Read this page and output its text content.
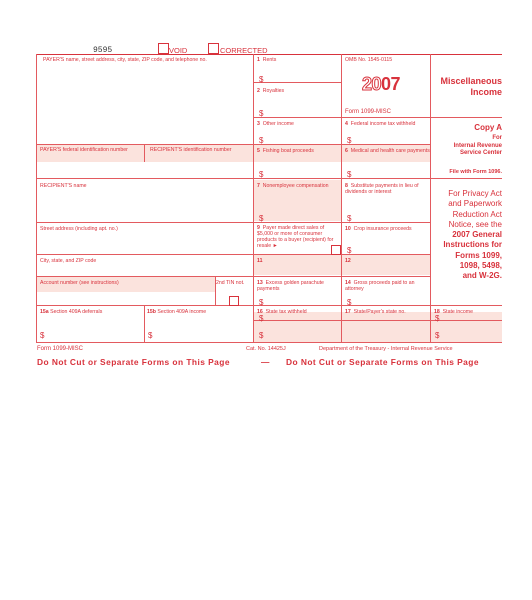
9595	VOID	CORRECTED
PAYER'S name, street address, city, state, ZIP code, and telephone no.
PAYER'S federal identification number	RECIPIENT'S identification number
RECIPIENT'S name
Street address (including apt. no.)
City, state, and ZIP code
Account number (see instructions)	2nd TIN not.
15a Section 409A deferrals	15b Section 409A income
$	$
1 Rents
$
2 Royalties
$
3 Other income
$
5 Fishing boat proceeds
$
7 Nonemployee compensation
$
9 Payer made direct sales of $5,000 or more of consumer products to a buyer (recipient) for resale ►
11
13 Excess golden parachute payments
$
16 State tax withheld
$
$
OMB No. 1545-0115
2007
Form 1099-MISC
4 Federal income tax withheld
$
6 Medical and health care payments
$
8 Substitute payments in lieu of dividends or interest
$
10 Crop insurance proceeds
$
12
14 Gross proceeds paid to an attorney
$
17 State/Payer's state no.
Miscellaneous
Income
Copy A
For
Internal Revenue
Service Center
File with Form 1096.
For Privacy Act
and Paperwork
Reduction Act
Notice, see the
2007 General
Instructions for
Forms 1099,
1098, 5498,
and W-2G.
18 State income
$
$
Form 1099-MISC	Cat. No. 14425J	Department of the Treasury - Internal Revenue Service
Do Not Cut or Separate Forms on This Page	— Do Not Cut or Separate Forms on This Page
